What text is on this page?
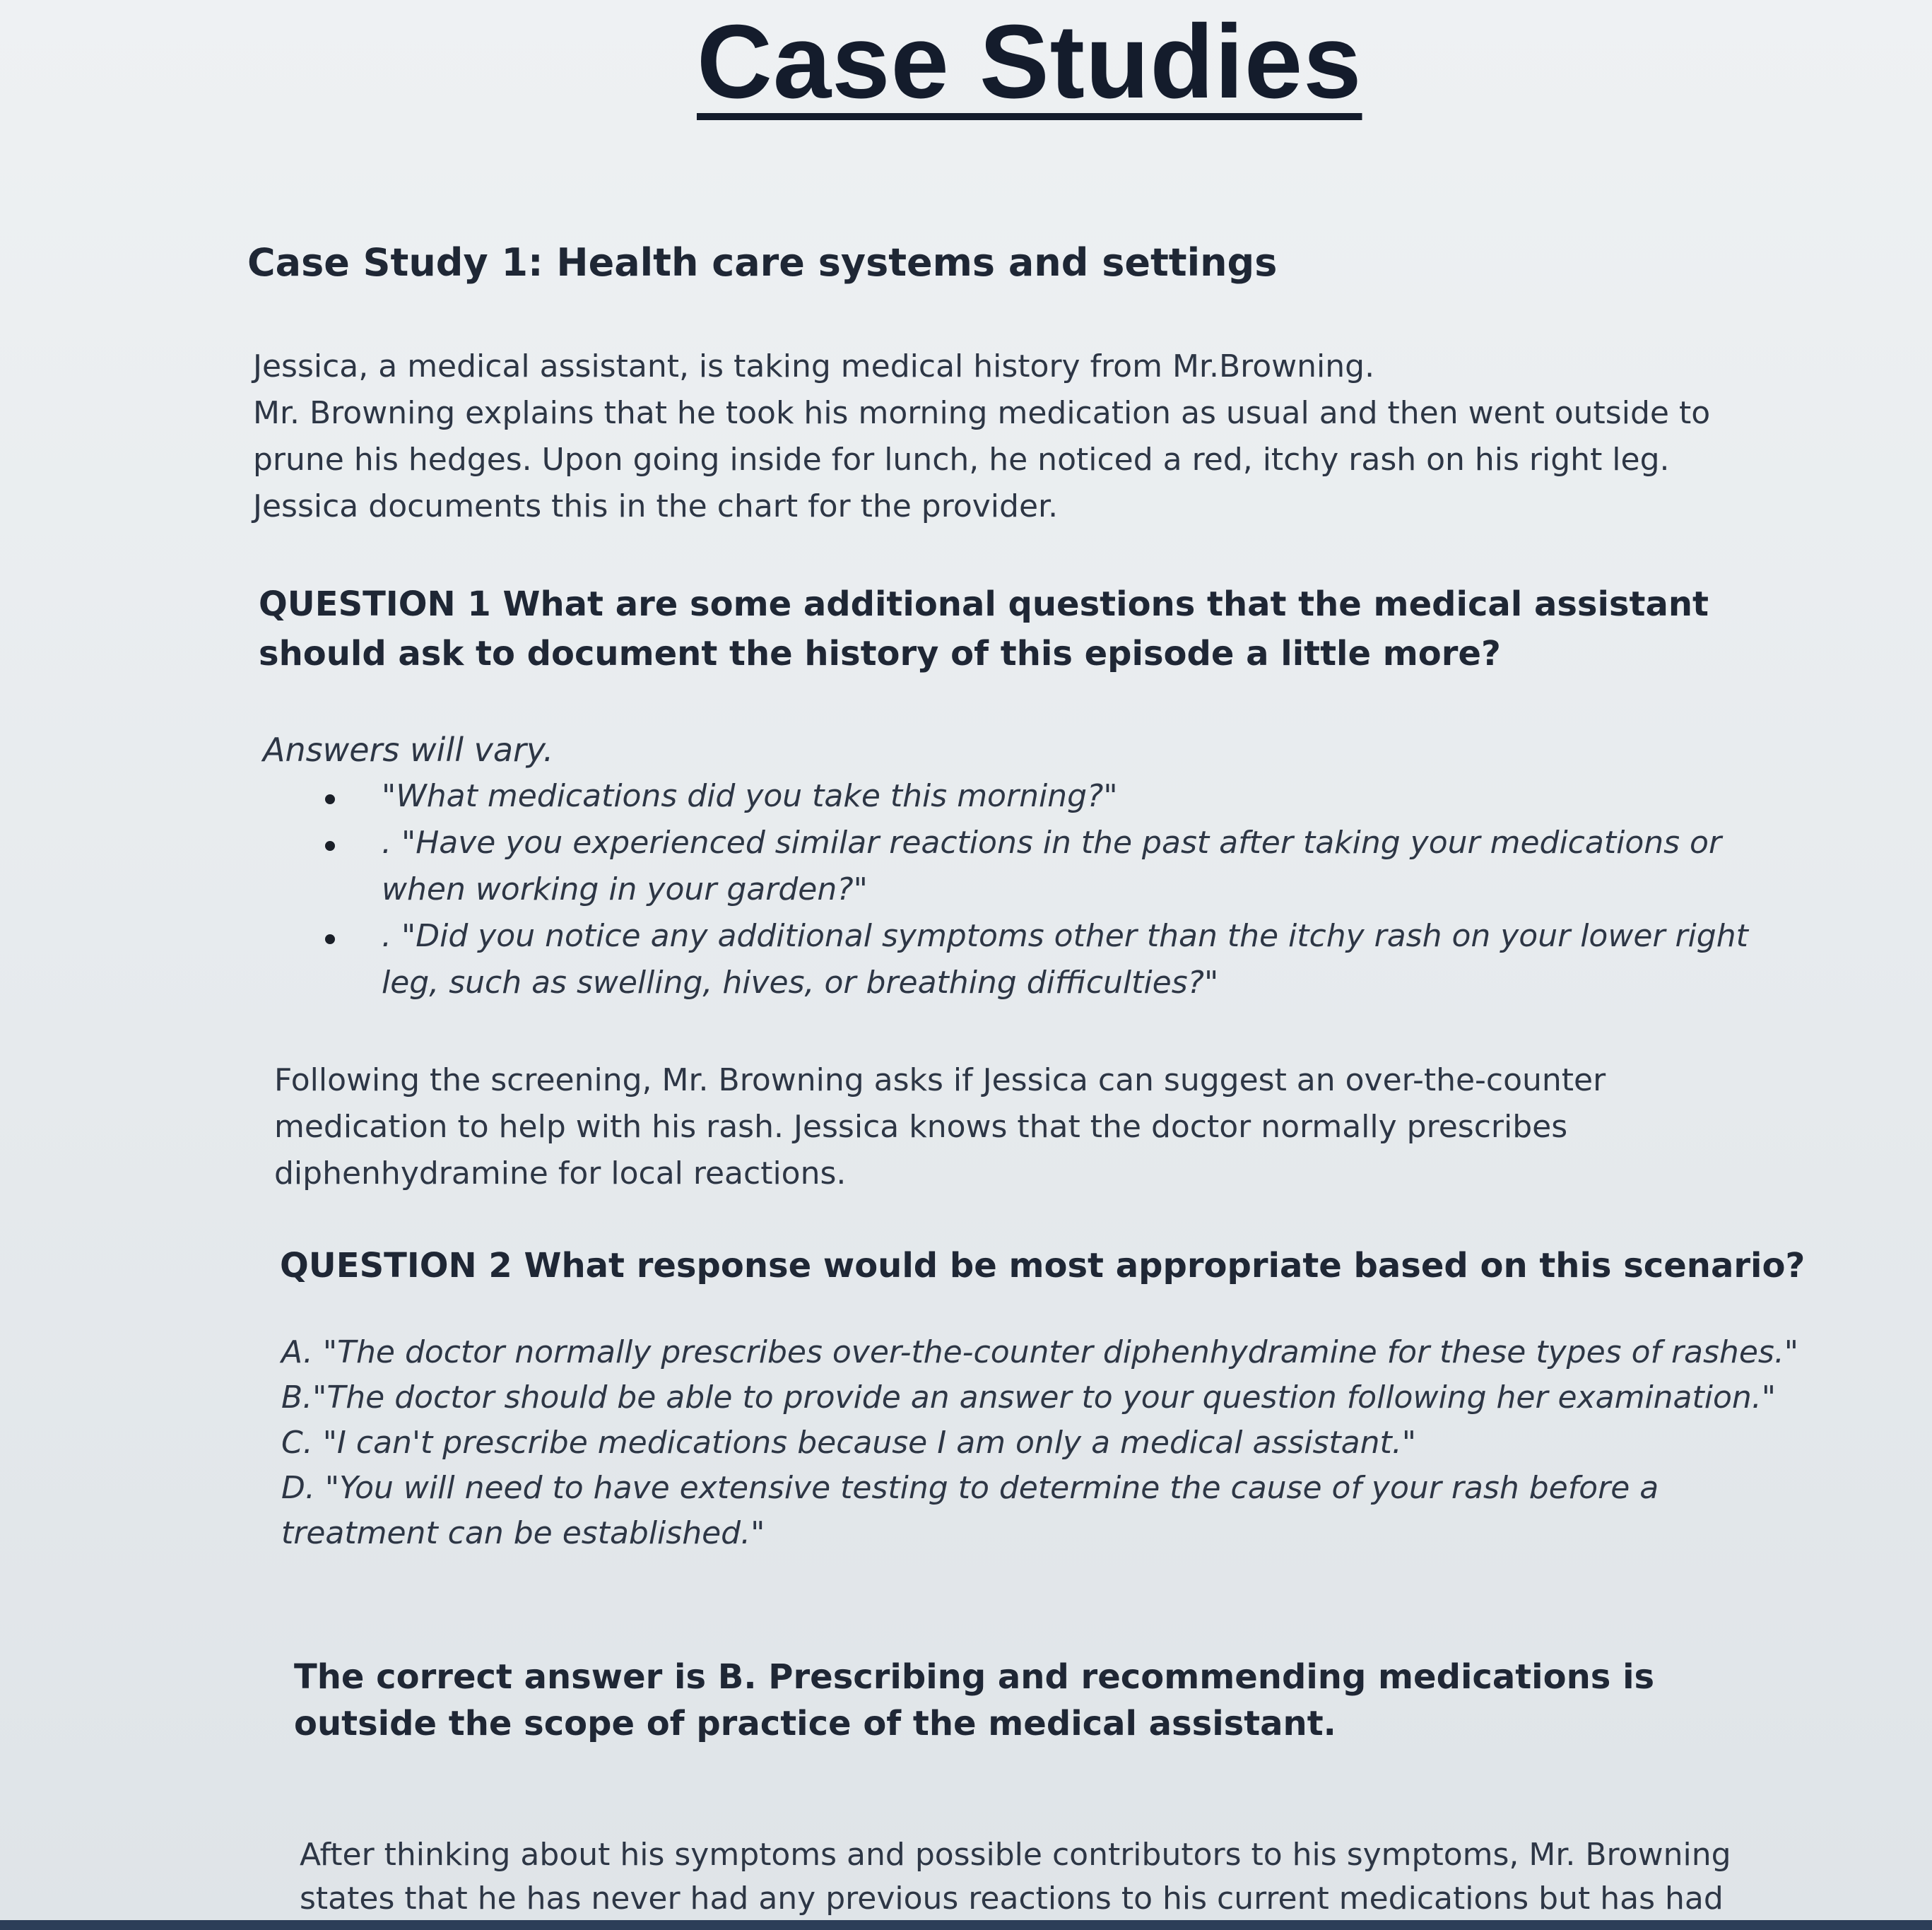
Case Studies
Case Study 1: Health care systems and settings

Jessica, a medical assistant, is taking medical history from Mr.Browning.

Mr. Browning explains that he took his morning medication as usual and then went outside to prune his hedges. Upon going inside for lunch, he noticed a red, itchy rash on his right leg. Jessica documents this in the chart for the provider.

QUESTION 1 What are some additional questions that the medical assistant should ask to document the history of this episode a little more?

Answers will vary.

"What medications did you take this morning?"
. "Have you experienced similar reactions in the past after taking your medications or when working in your garden?"
. "Did you notice any additional symptoms other than the itchy rash on your lower right leg, such as swelling, hives, or breathing difficulties?"

Following the screening, Mr. Browning asks if Jessica can suggest an over-the-counter medication to help with his rash. Jessica knows that the doctor normally prescribes diphenhydramine for local reactions.

QUESTION 2 What response would be most appropriate based on this scenario?

A. "The doctor normally prescribes over-the-counter diphenhydramine for these types of rashes."

B."The doctor should be able to provide an answer to your question following her examination."

C. "I can't prescribe medications because I am only a medical assistant."

D. "You will need to have extensive testing to determine the cause of your rash before a treatment can be established."

The correct answer is B. Prescribing and recommending medications is outside the scope of practice of the medical assistant.

After thinking about his symptoms and possible contributors to his symptoms, Mr. Browning states that he has never had any previous reactions to his current medications but has had
